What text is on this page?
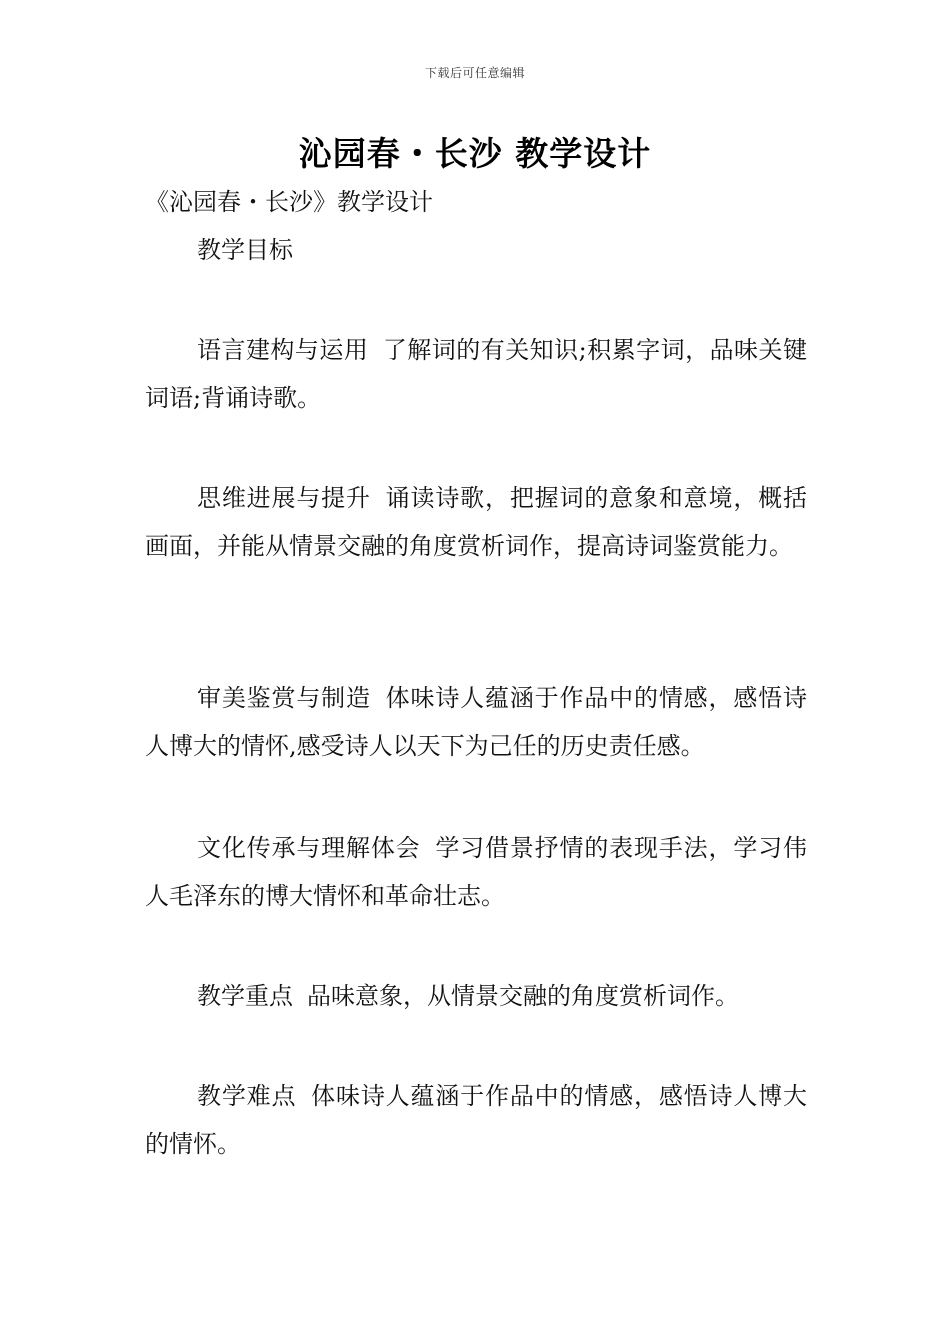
下载后可任意编辑
沁园春・长沙 教学设计
《沁园春・长沙》教学设计

教学目标

语言建构与运用 了解词的有关知识;积累字词，品味关键词语;背诵诗歌。

思维进展与提升 诵读诗歌，把握词的意象和意境，概括画面，并能从情景交融的角度赏析词作，提高诗词鉴赏能力。

审美鉴赏与制造 体味诗人蕴涵于作品中的情感，感悟诗人博大的情怀,感受诗人以天下为己任的历史责任感。

文化传承与理解体会 学习借景抒情的表现手法，学习伟人毛泽东的博大情怀和革命壮志。

教学重点 品味意象，从情景交融的角度赏析词作。

教学难点 体味诗人蕴涵于作品中的情感，感悟诗人博大的情怀。
